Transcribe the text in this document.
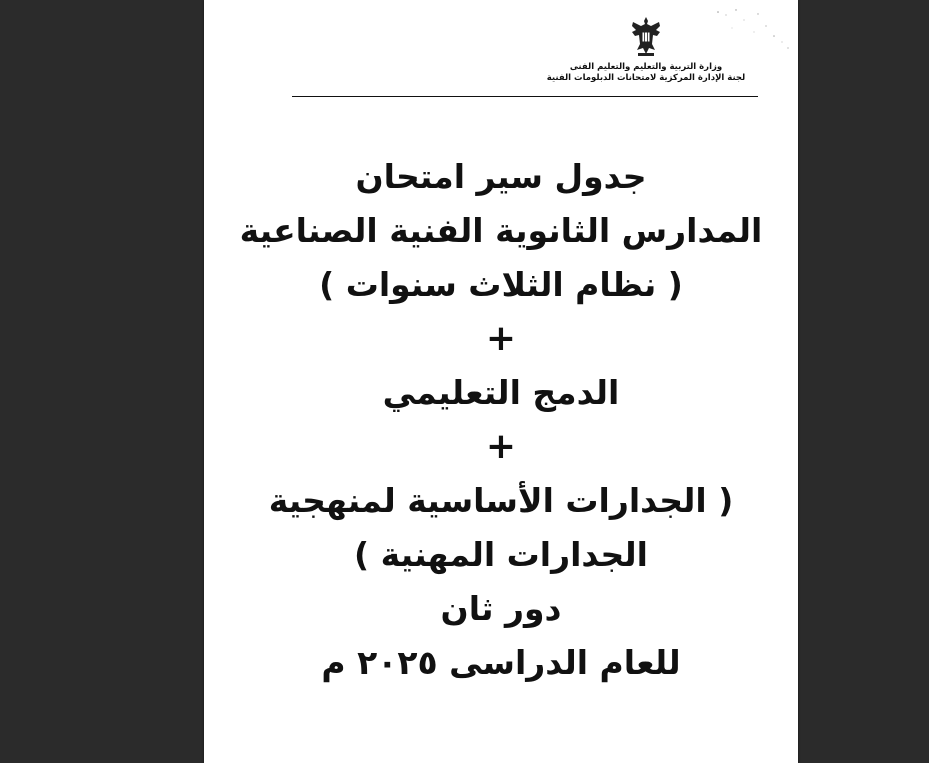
وزارة التربية والتعليم والتعليم الفنى
لجنة الإدارة المركزية لامتحانات الدبلومات الفنية
جدول سير امتحان
المدارس الثانوية الفنية الصناعية
( نظام الثلاث سنوات )
+
الدمج التعليمي
+
( الجدارات الأساسية لمنهجية
الجدارات المهنية )
دور ثان
للعام الدراسى ٢٠٢٥ م
